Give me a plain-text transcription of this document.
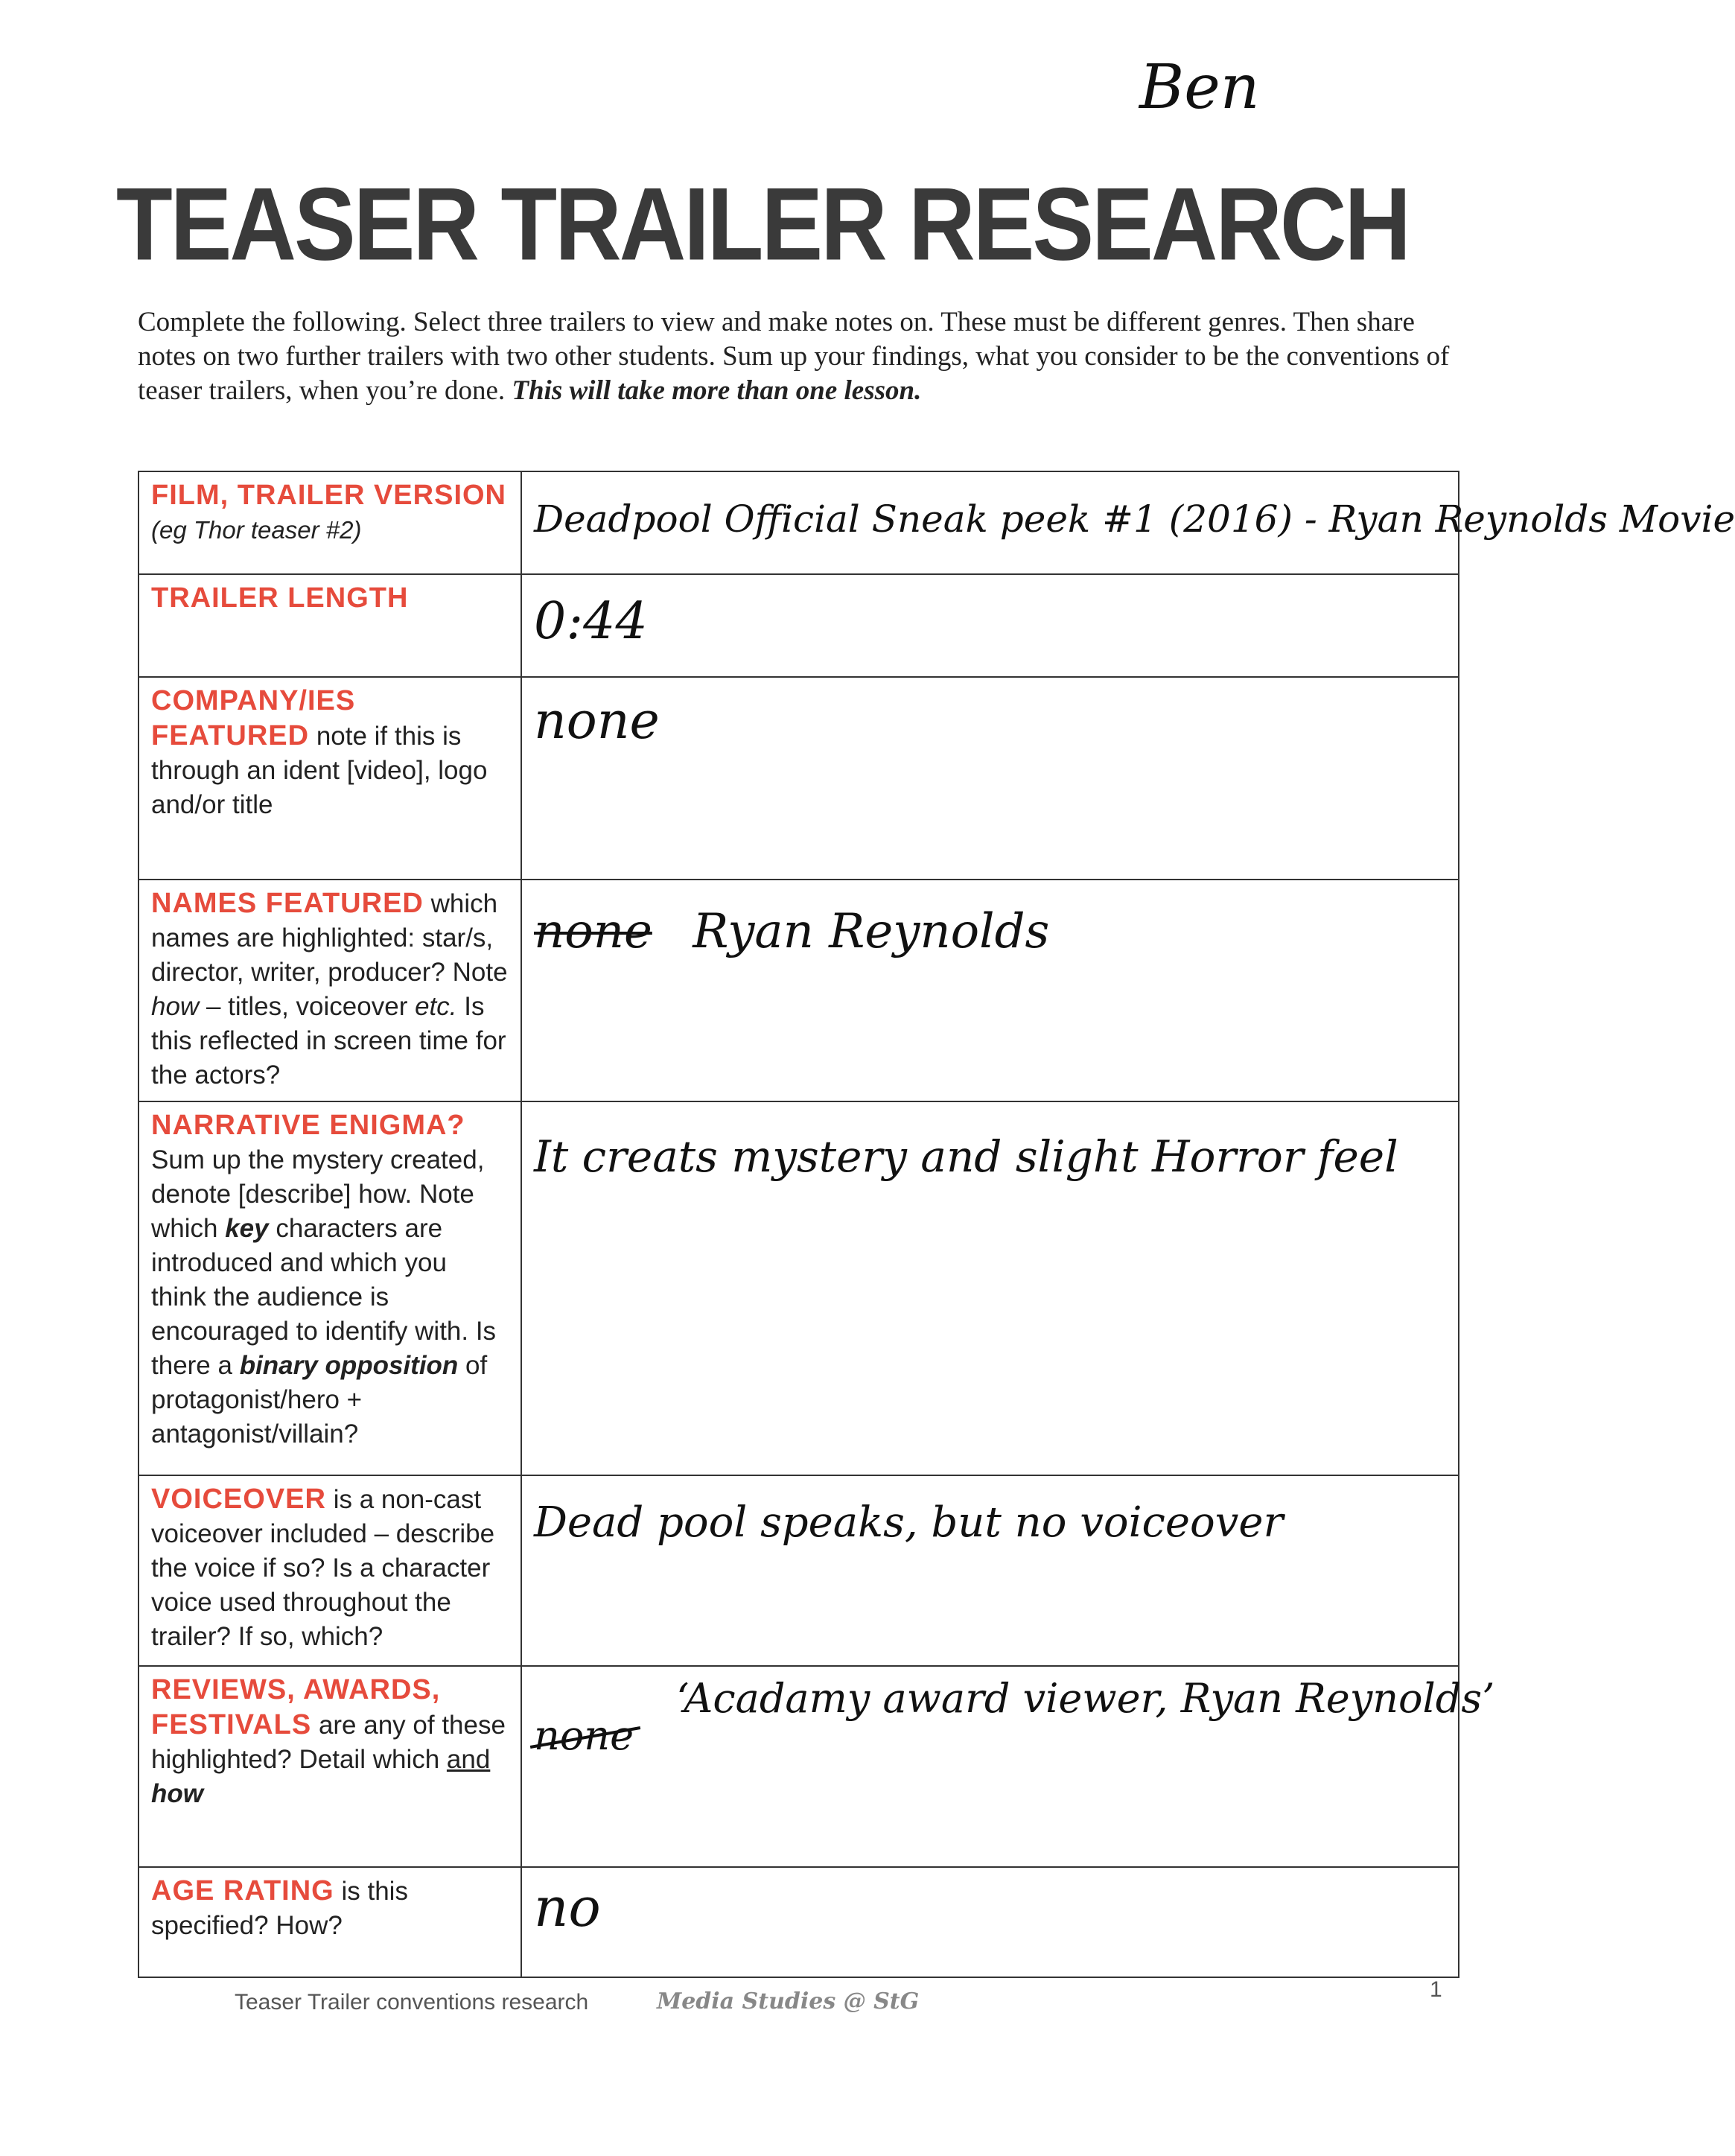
Ben
TEASER TRAILER RESEARCH
Complete the following. Select three trailers to view and make notes on. These must be different genres. Then share notes on two further trailers with two other students. Sum up your findings, what you consider to be the conventions of teaser trailers, when you’re done. This will take more than one lesson.
FILM, TRAILER VERSION (eg Thor teaser #2)	Deadpool Official Sneak peek #1 (2016) - Ryan Reynolds Movie
TRAILER LENGTH	0:44
COMPANY/IES FEATURED note if this is through an ident [video], logo and/or title	none
NAMES FEATURED which names are highlighted: star/s, director, writer, producer? Note how – titles, voiceover etc. Is this reflected in screen time for the actors?	none Ryan Reynolds
NARRATIVE ENIGMA?
Sum up the mystery created, denote [describe] how. Note which key characters are introduced and which you think the audience is encouraged to identify with. Is there a binary opposition of protagonist/hero + antagonist/villain?	It creats mystery and slight Horror feel
VOICEOVER is a non-cast voiceover included – describe the voice if so? Is a character voice used throughout the trailer? If so, which?	Dead pool speaks, but no voiceover
REVIEWS, AWARDS, FESTIVALS are any of these highlighted? Detail which and
how	none ‘Acadamy award viewer, Ryan Reynolds’
AGE RATING is this specified? How?	no
Teaser Trailer conventions research	Media Studies @ StG	1
